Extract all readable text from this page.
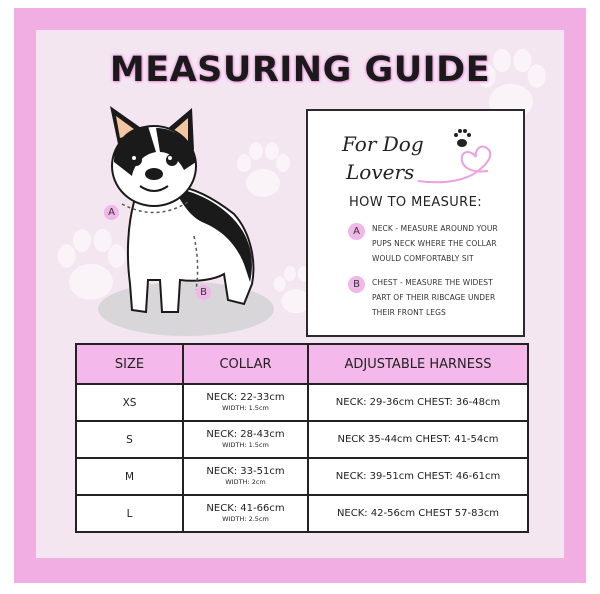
MEASURING GUIDE
A
B
For Dog
Lovers
HOW TO MEASURE:
A	NECK - MEASURE AROUND YOUR
PUPS NECK WHERE THE COLLAR
WOULD COMFORTABLY SIT
B	CHEST - MEASURE THE WIDEST
PART OF THEIR RIBCAGE UNDER
THEIR FRONT LEGS
SIZE	COLLAR	ADJUSTABLE HARNESS
XS	NECK: 22-33cm
WIDTH: 1.5cm	NECK: 29-36cm CHEST: 36-48cm
S	NECK: 28-43cm
WIDTH: 1.5cm	NECK 35-44cm CHEST: 41-54cm
M	NECK: 33-51cm
WIDTH: 2cm	NECK: 39-51cm CHEST: 46-61cm
L	NECK: 41-66cm
WIDTH: 2.5cm	NECK: 42-56cm CHEST 57-83cm
